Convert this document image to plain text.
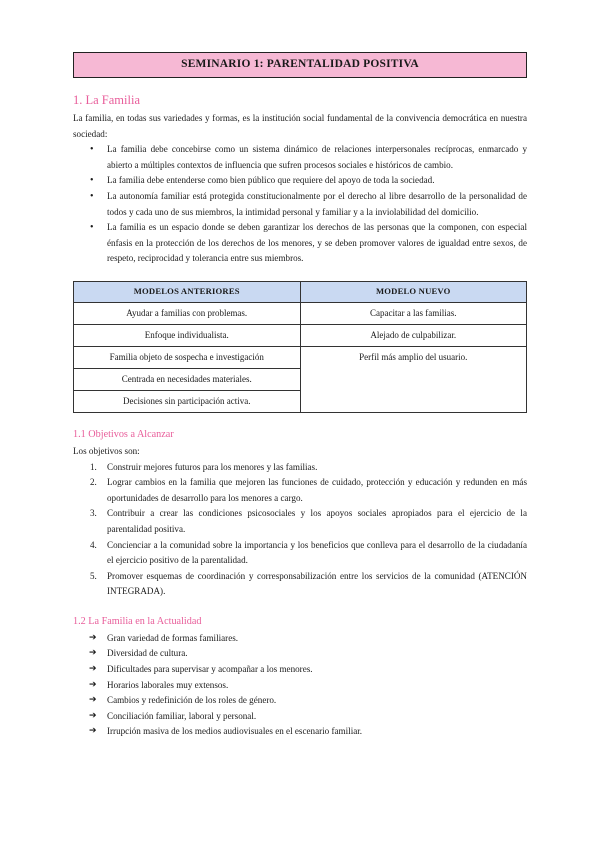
SEMINARIO 1: PARENTALIDAD POSITIVA
1. La Familia

La familia, en todas sus variedades y formas, es la institución social fundamental de la convivencia democrática en nuestra sociedad:

• La familia debe concebirse como un sistema dinámico de relaciones interpersonales recíprocas, enmarcado y abierto a múltiples contextos de influencia que sufren procesos sociales e históricos de cambio.
• La familia debe entenderse como bien público que requiere del apoyo de toda la sociedad.
• La autonomía familiar está protegida constitucionalmente por el derecho al libre desarrollo de la personalidad de todos y cada uno de sus miembros, la intimidad personal y familiar y a la inviolabilidad del domicilio.
• La familia es un espacio donde se deben garantizar los derechos de las personas que la componen, con especial énfasis en la protección de los derechos de los menores, y se deben promover valores de igualdad entre sexos, de respeto, reciprocidad y tolerancia entre sus miembros.
MODELOS ANTERIORES	MODELO NUEVO
Ayudar a familias con problemas.	Capacitar a las familias.
Enfoque individualista.	Alejado de culpabilizar.
Familia objeto de sospecha e investigación	Perfil más amplio del usuario.
Centrada en necesidades materiales.	
Decisiones sin participación activa.	
1.1 Objetivos a Alcanzar

Los objetivos son:

1. Construir mejores futuros para los menores y las familias.
2. Lograr cambios en la familia que mejoren las funciones de cuidado, protección y educación y redunden en más oportunidades de desarrollo para los menores a cargo.
3. Contribuir a crear las condiciones psicosociales y los apoyos sociales apropiados para el ejercicio de la parentalidad positiva.
4. Concienciar a la comunidad sobre la importancia y los beneficios que conlleva para el desarrollo de la ciudadanía el ejercicio positivo de la parentalidad.
5. Promover esquemas de coordinación y corresponsabilización entre los servicios de la comunidad (ATENCIÓN INTEGRADA).
1.2 La Familia en la Actualidad
➔ Gran variedad de formas familiares.
➔ Diversidad de cultura.
➔ Dificultades para supervisar y acompañar a los menores.
➔ Horarios laborales muy extensos.
➔ Cambios y redefinición de los roles de género.
➔ Conciliación familiar, laboral y personal.
➔ Irrupción masiva de los medios audiovisuales en el escenario familiar.
